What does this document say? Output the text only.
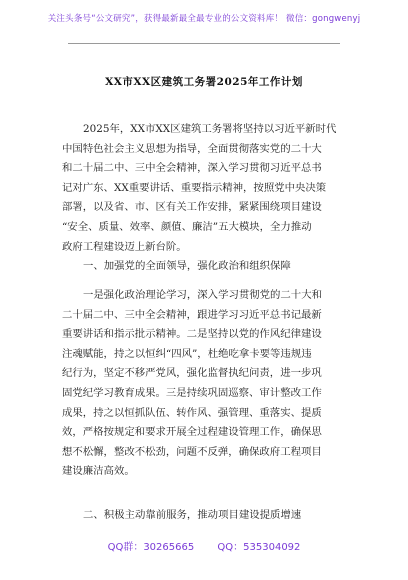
关注头条号“公文研究”，获得最新最全最专业的公文资料库！ 微信：gongwenyj
XX市XX区建筑工务署2025年工作计划
2025年，XX市XX区建筑工务署将坚持以习近平新时代
中国特色社会主义思想为指导，全面贯彻落实党的二十大
和二十届二中、三中全会精神，深入学习贯彻习近平总书
记对广东、XX重要讲话、重要指示精神，按照党中央决策
部署，以及省、市、区有关工作安排，紧紧围绕项目建设
“安全、质量、效率、颜值、廉洁”五大模块，全力推动
政府工程建设迈上新台阶。
一、加强党的全面领导，强化政治和组织保障
一是强化政治理论学习，深入学习贯彻党的二十大和
二十届二中、三中全会精神，跟进学习习近平总书记最新
重要讲话和指示批示精神。二是坚持以党的作风纪律建设
注魂赋能，持之以恒纠“四风”，杜绝吃拿卡要等违规违
纪行为，坚定不移严党风，强化监督执纪问责，进一步巩
固党纪学习教育成果。三是持续巩固巡察、审计整改工作
成果，持之以恒抓队伍、转作风、强管理、重落实、提质
效，严格按规定和要求开展全过程建设管理工作，确保思
想不松懈，整改不松劲，问题不反弹，确保政府工程项目
建设廉洁高效。
二、积极主动靠前服务，推动项目建设提质增速
QQ群：30265665 QQ：535304092
